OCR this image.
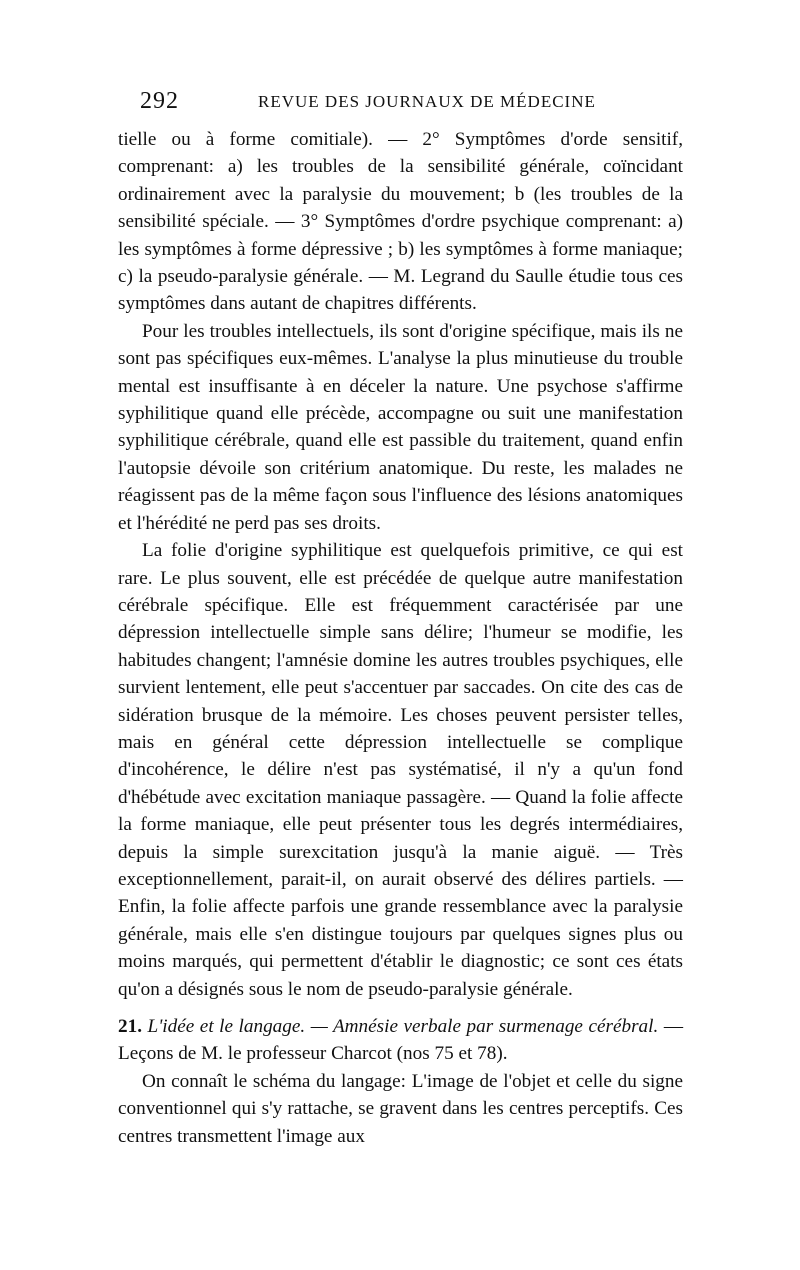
292	REVUE DES JOURNAUX DE MÉDECINE

tielle ou à forme comitiale). — 2° Symptômes d'orde sensitif, comprenant: a) les troubles de la sensibilité générale, coïncidant ordinairement avec la paralysie du mouvement; b (les troubles de la sensibilité spéciale. — 3° Symptômes d'ordre psychique comprenant: a) les symptômes à forme dépressive ; b) les symptômes à forme maniaque; c) la pseudo-paralysie générale. — M. Legrand du Saulle étudie tous ces symptômes dans autant de chapitres différents.

Pour les troubles intellectuels, ils sont d'origine spécifique, mais ils ne sont pas spécifiques eux-mêmes. L'analyse la plus minutieuse du trouble mental est insuffisante à en déceler la nature. Une psychose s'affirme syphilitique quand elle précède, accompagne ou suit une manifestation syphilitique cérébrale, quand elle est passible du traitement, quand enfin l'autopsie dévoile son critérium anatomique. Du reste, les malades ne réagissent pas de la même façon sous l'influence des lésions anatomiques et l'hérédité ne perd pas ses droits.

La folie d'origine syphilitique est quelquefois primitive, ce qui est rare. Le plus souvent, elle est précédée de quelque autre manifestation cérébrale spécifique. Elle est fréquemment caractérisée par une dépression intellectuelle simple sans délire; l'humeur se modifie, les habitudes changent; l'amnésie domine les autres troubles psychiques, elle survient lentement, elle peut s'accentuer par saccades. On cite des cas de sidération brusque de la mémoire. Les choses peuvent persister telles, mais en général cette dépression intellectuelle se complique d'incohérence, le délire n'est pas systématisé, il n'y a qu'un fond d'hébétude avec excitation maniaque passagère. — Quand la folie affecte la forme maniaque, elle peut présenter tous les degrés intermédiaires, depuis la simple surexcitation jusqu'à la manie aiguë. — Très exceptionnellement, parait-il, on aurait observé des délires partiels. — Enfin, la folie affecte parfois une grande ressemblance avec la paralysie générale, mais elle s'en distingue toujours par quelques signes plus ou moins marqués, qui permettent d'établir le diagnostic; ce sont ces états qu'on a désignés sous le nom de pseudo-paralysie générale.

21. L'idée et le langage. — Amnésie verbale par surmenage cérébral. — Leçons de M. le professeur Charcot (nos 75 et 78).

On connaît le schéma du langage: L'image de l'objet et celle du signe conventionnel qui s'y rattache, se gravent dans les centres perceptifs. Ces centres transmettent l'image aux
